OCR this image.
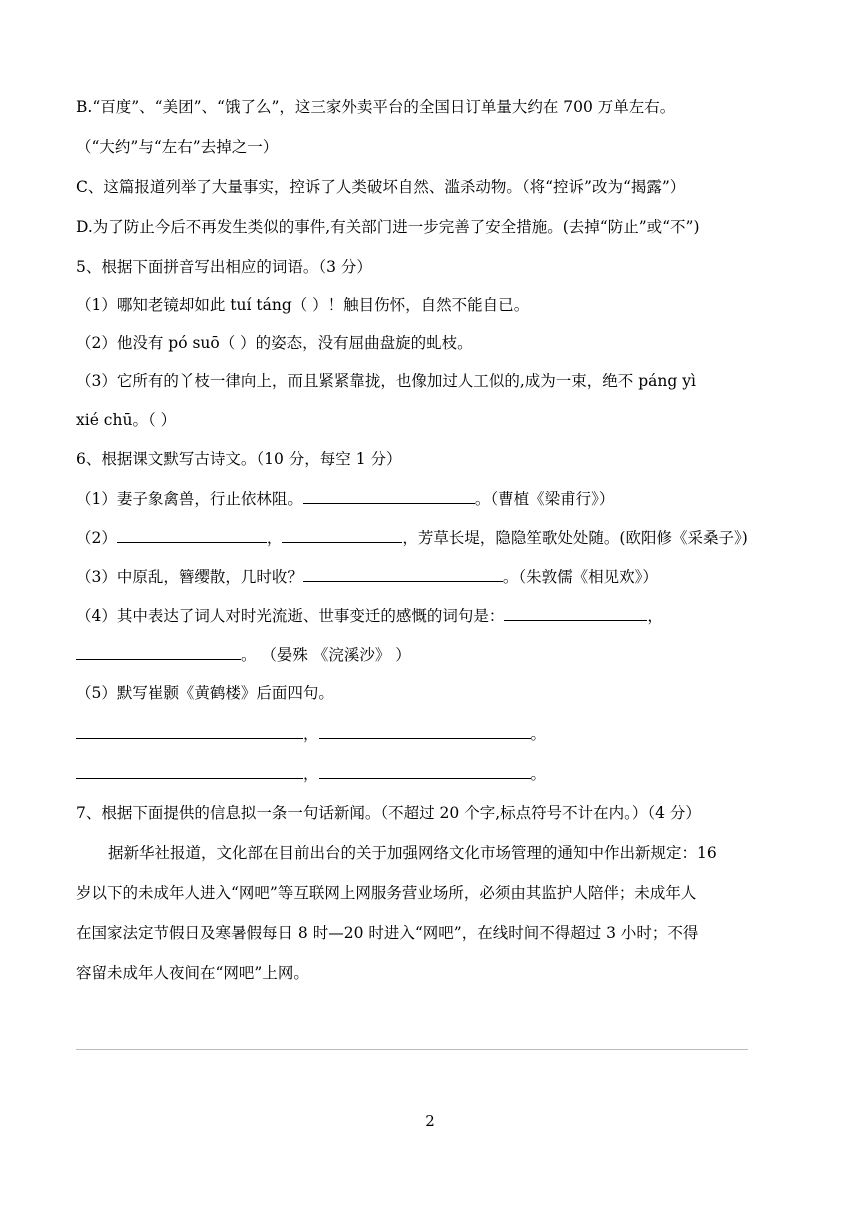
B.“百度”、“美团”、“饿了么”，这三家外卖平台的全国日订单量大约在 700 万单左右。
（“大约”与“左右”去掉之一）
C、这篇报道列举了大量事实，控诉了人类破坏自然、滥杀动物。（将“控诉”改为“揭露”）
D.为了防止今后不再发生类似的事件,有关部门进一步完善了安全措施。(去掉“防止”或“不”)
5、根据下面拼音写出相应的词语。（3 分）
（1）哪知老镜却如此 tuí táng（ ）！触目伤怀，自然不能自已。
（2）他没有 pó suō（ ）的姿态，没有屈曲盘旋的虬枝。
（3）它所有的丫枝一律向上，而且紧紧靠拢，也像加过人工似的,成为一束，绝不 páng yì
xié chū。（ ）
6、根据课文默写古诗文。（10 分，每空 1 分）
（1）妻子象禽兽，行止依林阻。	。（曹植《梁甫行》）
（2）	，	，芳草长堤，隐隐笙歌处处随。(欧阳修《采桑子》)
（3）中原乱，簪缨散，几时收？	。（朱敦儒《相见欢》）
（4）其中表达了词人对时光流逝、世事变迁的感慨的词句是：	，
。 （晏殊 《浣溪沙》 ）
（5）默写崔颢《黄鹤楼》后面四句。
，	。
，	。
7、根据下面提供的信息拟一条一句话新闻。（不超过 20 个字,标点符号不计在内。）（4 分）
据新华社报道，文化部在目前出台的关于加强网络文化市场管理的通知中作出新规定：16
岁以下的未成年人进入“网吧”等互联网上网服务营业场所，必须由其监护人陪伴；未成年人
在国家法定节假日及寒暑假每日 8 时—20 时进入“网吧”，在线时间不得超过 3 小时；不得
容留未成年人夜间在“网吧”上网。
2
